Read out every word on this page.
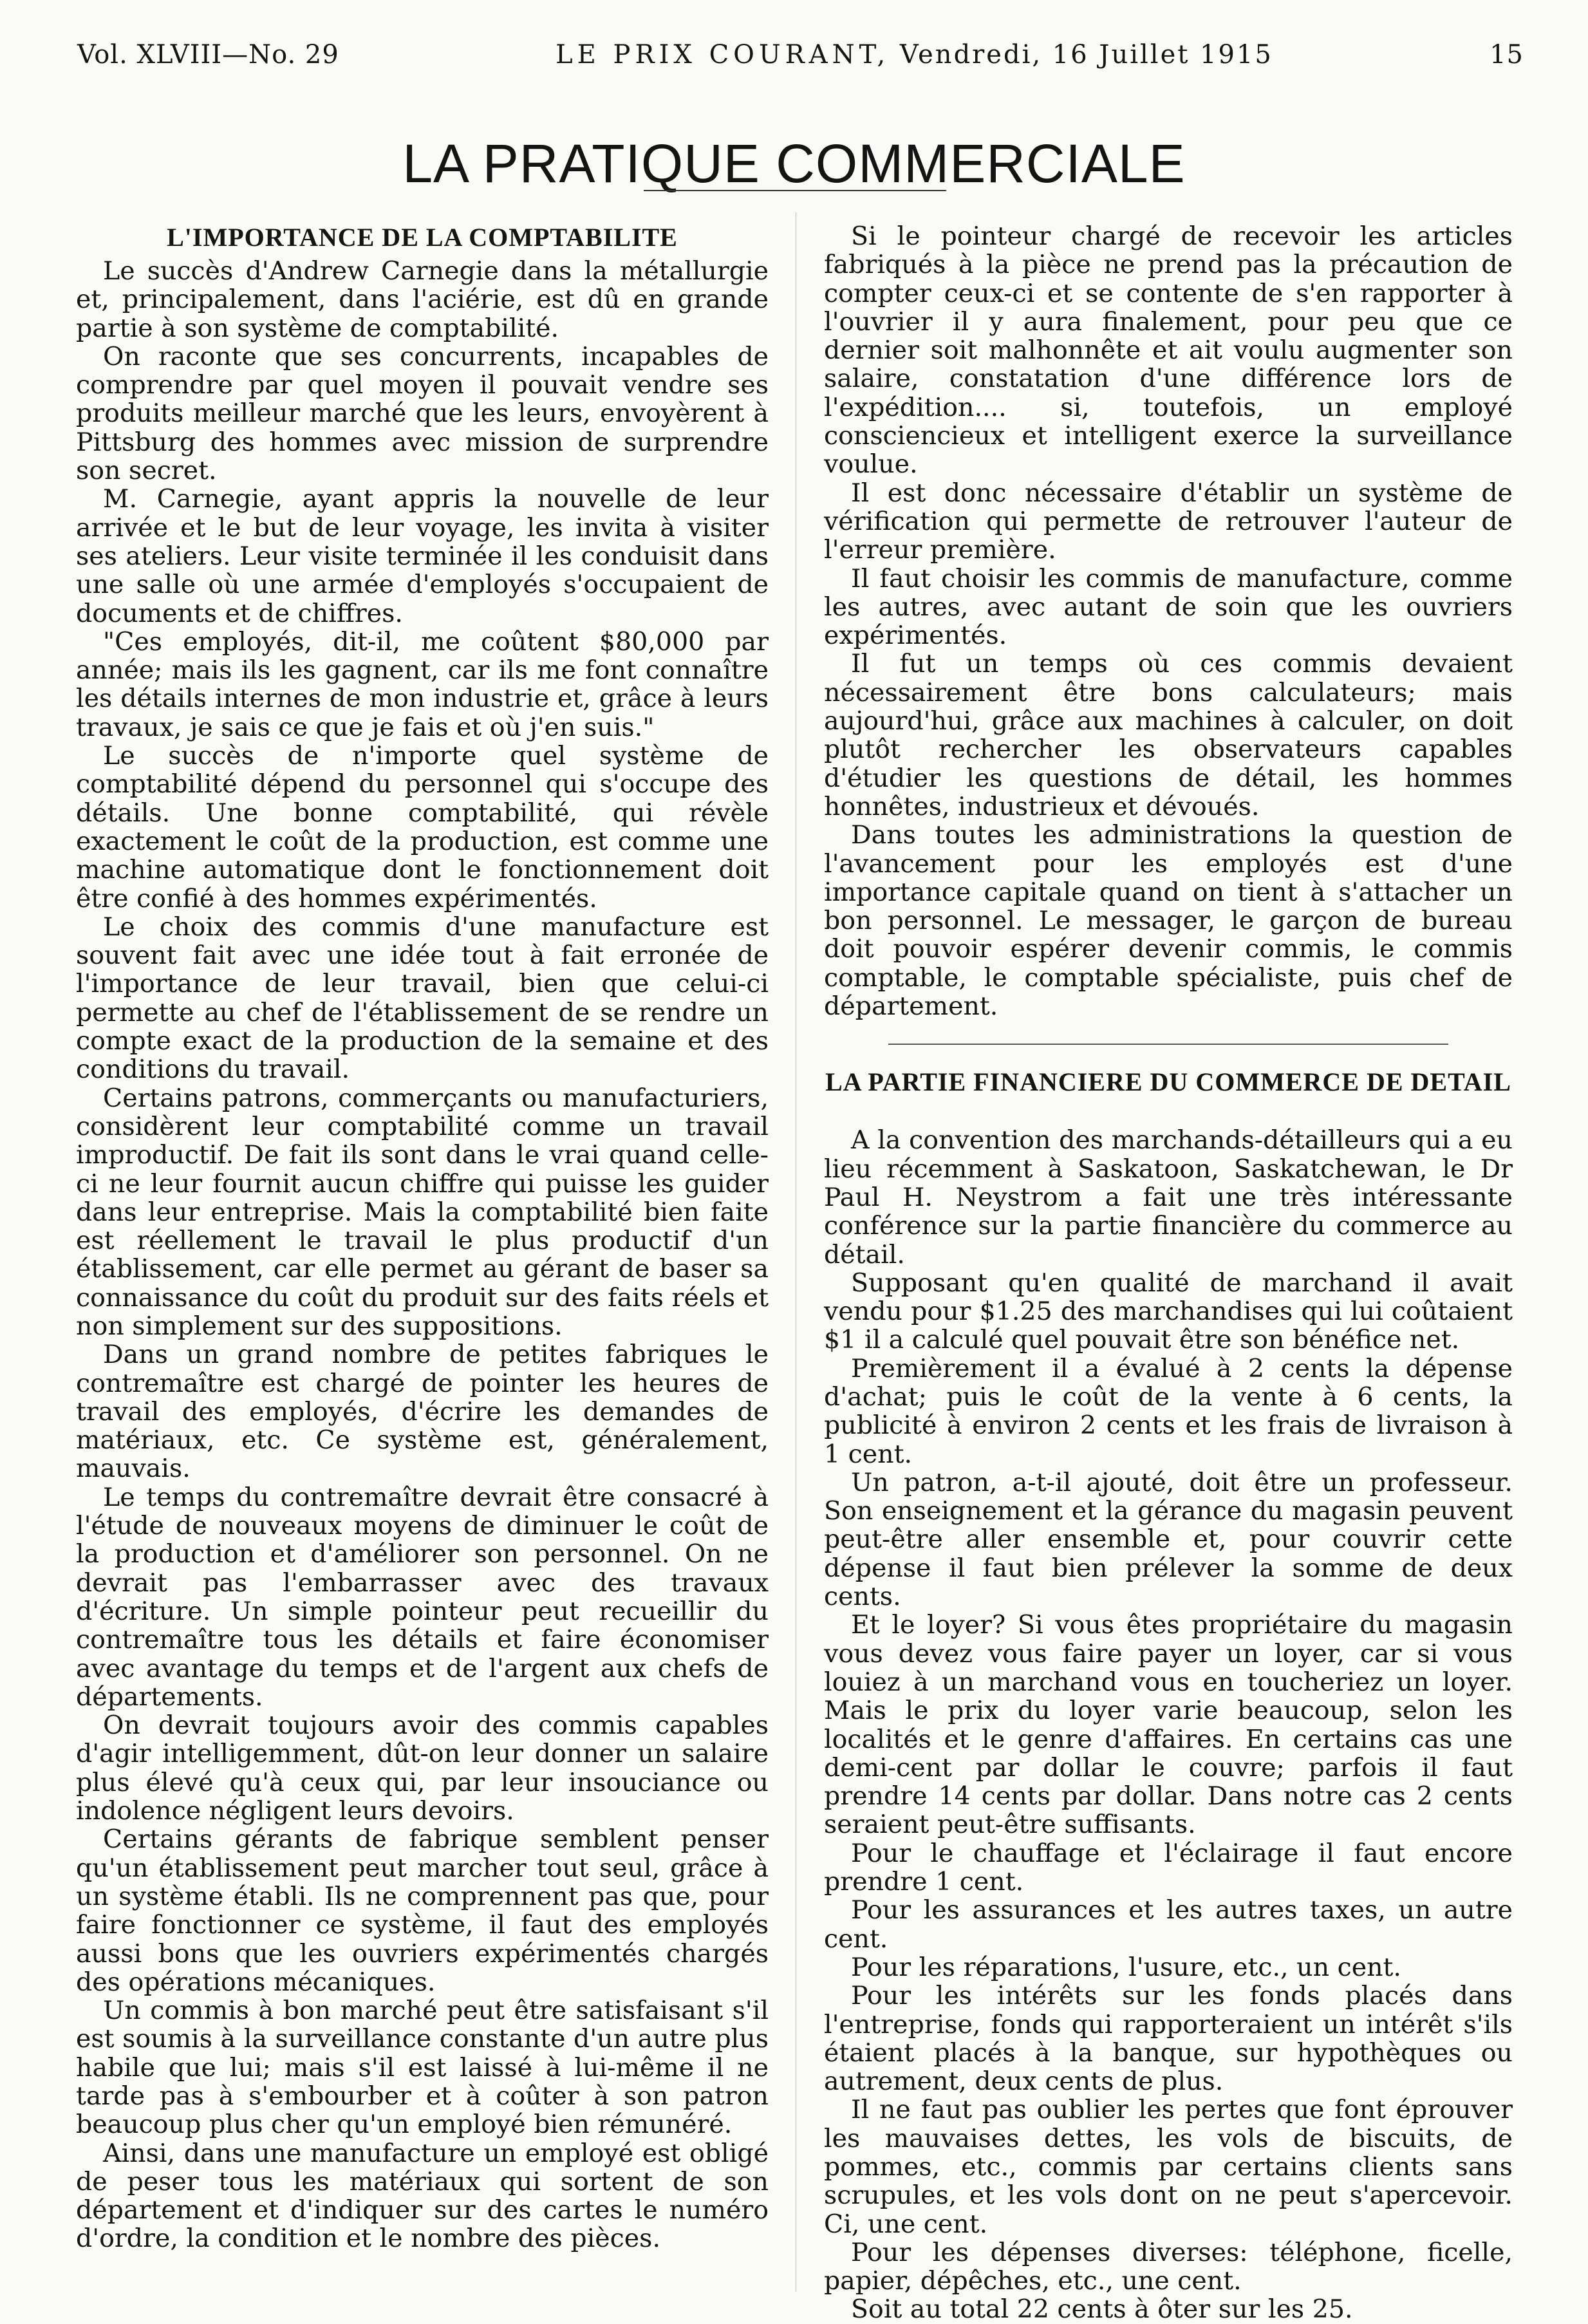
Vol. XLVIII—No. 29	LE PRIX COURANT, Vendredi, 16 Juillet 1915	15
LA PRATIQUE COMMERCIALE
L'IMPORTANCE DE LA COMPTABILITE

Le succès d'Andrew Carnegie dans la métallurgie et, principalement, dans l'aciérie, est dû en grande partie à son système de comptabilité.

On raconte que ses concurrents, incapables de comprendre par quel moyen il pouvait vendre ses produits meilleur marché que les leurs, envoyèrent à Pittsburg des hommes avec mission de surprendre son secret.

M. Carnegie, ayant appris la nouvelle de leur arrivée et le but de leur voyage, les invita à visiter ses ateliers. Leur visite terminée il les conduisit dans une salle où une armée d'employés s'occupaient de documents et de chiffres.

"Ces employés, dit-il, me coûtent $80,000 par année; mais ils les gagnent, car ils me font connaître les détails internes de mon industrie et, grâce à leurs travaux, je sais ce que je fais et où j'en suis."

Le succès de n'importe quel système de comptabilité dépend du personnel qui s'occupe des détails. Une bonne comptabilité, qui révèle exactement le coût de la production, est comme une machine automatique dont le fonctionnement doit être confié à des hommes expérimentés.

Le choix des commis d'une manufacture est souvent fait avec une idée tout à fait erronée de l'importance de leur travail, bien que celui-ci permette au chef de l'établissement de se rendre un compte exact de la production de la semaine et des conditions du travail.

Certains patrons, commerçants ou manufacturiers, considèrent leur comptabilité comme un travail improductif. De fait ils sont dans le vrai quand celle-ci ne leur fournit aucun chiffre qui puisse les guider dans leur entreprise. Mais la comptabilité bien faite est réellement le travail le plus productif d'un établissement, car elle permet au gérant de baser sa connaissance du coût du produit sur des faits réels et non simplement sur des suppositions.

Dans un grand nombre de petites fabriques le contremaître est chargé de pointer les heures de travail des employés, d'écrire les demandes de matériaux, etc. Ce système est, généralement, mauvais.

Le temps du contremaître devrait être consacré à l'étude de nouveaux moyens de diminuer le coût de la production et d'améliorer son personnel. On ne devrait pas l'embarrasser avec des travaux d'écriture. Un simple pointeur peut recueillir du contremaître tous les détails et faire économiser avec avantage du temps et de l'argent aux chefs de départements.

On devrait toujours avoir des commis capables d'agir intelligemment, dût-on leur donner un salaire plus élevé qu'à ceux qui, par leur insouciance ou indolence négligent leurs devoirs.

Certains gérants de fabrique semblent penser qu'un établissement peut marcher tout seul, grâce à un système établi. Ils ne comprennent pas que, pour faire fonctionner ce système, il faut des employés aussi bons que les ouvriers expérimentés chargés des opérations mécaniques.

Un commis à bon marché peut être satisfaisant s'il est soumis à la surveillance constante d'un autre plus habile que lui; mais s'il est laissé à lui-même il ne tarde pas à s'embourber et à coûter à son patron beaucoup plus cher qu'un employé bien rémunéré.

Ainsi, dans une manufacture un employé est obligé de peser tous les matériaux qui sortent de son département et d'indiquer sur des cartes le numéro d'ordre, la condition et le nombre des pièces.

Si le pointeur chargé de recevoir les articles fabriqués à la pièce ne prend pas la précaution de compter ceux-ci et se contente de s'en rapporter à l'ouvrier il y aura finalement, pour peu que ce dernier soit malhonnête et ait voulu augmenter son salaire, constatation d'une différence lors de l'expédition.... si, toutefois, un employé consciencieux et intelligent exerce la surveillance voulue.

Il est donc nécessaire d'établir un système de vérification qui permette de retrouver l'auteur de l'erreur première.

Il faut choisir les commis de manufacture, comme les autres, avec autant de soin que les ouvriers expérimentés.

Il fut un temps où ces commis devaient nécessairement être bons calculateurs; mais aujourd'hui, grâce aux machines à calculer, on doit plutôt rechercher les observateurs capables d'étudier les questions de détail, les hommes honnêtes, industrieux et dévoués.

Dans toutes les administrations la question de l'avancement pour les employés est d'une importance capitale quand on tient à s'attacher un bon personnel. Le messager, le garçon de bureau doit pouvoir espérer devenir commis, le commis comptable, le comptable spécialiste, puis chef de département.

LA PARTIE FINANCIERE DU COMMERCE DE DETAIL

A la convention des marchands-détailleurs qui a eu lieu récemment à Saskatoon, Saskatchewan, le Dr Paul H. Neystrom a fait une très intéressante conférence sur la partie financière du commerce au détail.

Supposant qu'en qualité de marchand il avait vendu pour $1.25 des marchandises qui lui coûtaient $1 il a calculé quel pouvait être son bénéfice net.

Premièrement il a évalué à 2 cents la dépense d'achat; puis le coût de la vente à 6 cents, la publicité à environ 2 cents et les frais de livraison à 1 cent.

Un patron, a-t-il ajouté, doit être un professeur. Son enseignement et la gérance du magasin peuvent peut-être aller ensemble et, pour couvrir cette dépense il faut bien prélever la somme de deux cents.

Et le loyer? Si vous êtes propriétaire du magasin vous devez vous faire payer un loyer, car si vous louiez à un marchand vous en toucheriez un loyer. Mais le prix du loyer varie beaucoup, selon les localités et le genre d'affaires. En certains cas une demi-cent par dollar le couvre; parfois il faut prendre 14 cents par dollar. Dans notre cas 2 cents seraient peut-être suffisants.

Pour le chauffage et l'éclairage il faut encore prendre 1 cent.

Pour les assurances et les autres taxes, un autre cent.

Pour les réparations, l'usure, etc., un cent.

Pour les intérêts sur les fonds placés dans l'entreprise, fonds qui rapporteraient un intérêt s'ils étaient placés à la banque, sur hypothèques ou autrement, deux cents de plus.

Il ne faut pas oublier les pertes que font éprouver les mauvaises dettes, les vols de biscuits, de pommes, etc., commis par certains clients sans scrupules, et les vols dont on ne peut s'apercevoir. Ci, une cent.

Pour les dépenses diverses: téléphone, ficelle, papier, dépêches, etc., une cent.

Soit au total 22 cents à ôter sur les 25.
